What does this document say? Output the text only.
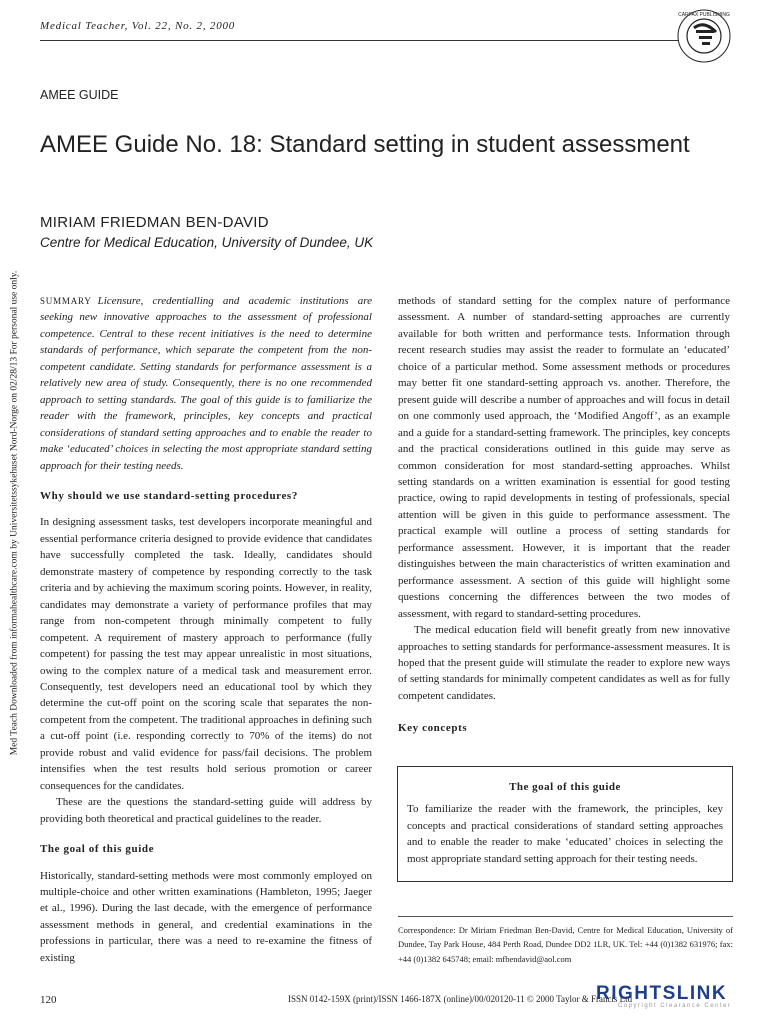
Medical Teacher, Vol. 22, No. 2, 2000
CARFAX PUBLISHING
AMEE GUIDE
AMEE Guide No. 18: Standard setting in student assessment
MIRIAM FRIEDMAN BEN-DAVID
Centre for Medical Education, University of Dundee, UK
Med Teach Downloaded from informahealthcare.com by Universitetssykehuset Nord-Norge on 02/28/13 For personal use only. SUMMARY Licensure, credentialling and academic institutions are seeking new innovative approaches to the assessment of professional competence. Central to these recent initiatives is the need to determine standards of performance, which separate the competent from the non-competent candidate. Setting standards for performance assessment is a relatively new area of study. Consequently, there is no one recommended approach to setting standards. The goal of this guide is to familiarize the reader with the framework, principles, key concepts and practical considerations of standard setting approaches and to enable the reader to make ‘educated’ choices in selecting the most appropriate standard setting approach for their testing needs.

Why should we use standard-setting procedures?

In designing assessment tasks, test developers incorporate meaningful and essential performance criteria designed to provide evidence that candidates have successfully completed the task. Ideally, candidates should demonstrate mastery of competence by responding correctly to the task criteria and by achieving the maximum scoring points. However, in reality, candidates may demonstrate a variety of performance profiles that may range from non-competent through minimally competent to fully competent. A requirement of mastery approach to performance (fully competent) for passing the test may appear unrealistic in most situations, owing to the complex nature of a medical task and measurement error. Consequently, test developers need an educational tool by which they determine the cut-off point on the scoring scale that separates the non-competent from the competent. The traditional approaches in defining such a cut-off point (i.e. responding correctly to 70% of the items) do not provide robust and valid evidence for pass/fail decisions. The problem intensifies when the test results hold serious promotion or career consequences for the candidates.

These are the questions the standard-setting guide will address by providing both theoretical and practical guidelines to the reader.

The goal of this guide

Historically, standard-setting methods were most commonly employed on multiple-choice and other written examinations (Hambleton, 1995; Jaeger et al., 1996). During the last decade, with the emergence of performance assessment methods in general, and credential examinations in the professions in particular, there was a need to re-examine the fitness of existing

methods of standard setting for the complex nature of performance assessment. A number of standard-setting approaches are currently available for both written and performance tests. Information through recent research studies may assist the reader to formulate an ‘educated’ choice of a particular method. Some assessment methods or procedures may better fit one standard-setting approach vs. another. Therefore, the present guide will describe a number of approaches and will focus in detail on one commonly used approach, the ‘Modified Angoff’, as an example and a guide for a standard-setting framework. The principles, key concepts and the practical considerations outlined in this guide may serve as common consideration for most standard-setting approaches. Whilst setting standards on a written examination is essential for good testing practice, owing to rapid developments in testing of professionals, special attention will be given in this guide to performance assessment. The practical example will outline a process of setting standards for performance assessment. However, it is important that the reader distinguishes between the main characteristics of written examination and performance assessment. A section of this guide will highlight some questions concerning the differences between the two modes of assessment, with regard to standard-setting procedures.

The medical education field will benefit greatly from new innovative approaches to setting standards for performance-assessment measures. It is hoped that the present guide will stimulate the reader to explore new ways of setting standards for minimally competent candidates as well as for fully competent candidates.

Key concepts

The goal of this guide

To familiarize the reader with the framework, the principles, key concepts and practical considerations of standard setting approaches and to enable the reader to make ‘educated’ choices in selecting the most appropriate standard setting approach for their testing needs.

Correspondence: Dr Miriam Friedman Ben-David, Centre for Medical Education, University of Dundee, Tay Park House, 484 Perth Road, Dundee DD2 1LR, UK. Tel: +44 (0)1382 631976; fax: +44 (0)1382 645748; email: mfbendavid@aol.com

120	ISSN 0142-159X (print)/ISSN 1466-187X (online)/00/020120-11 © 2000 Taylor & Francis Ltd
RIGHTSLINK
Copyright Clearance Center
